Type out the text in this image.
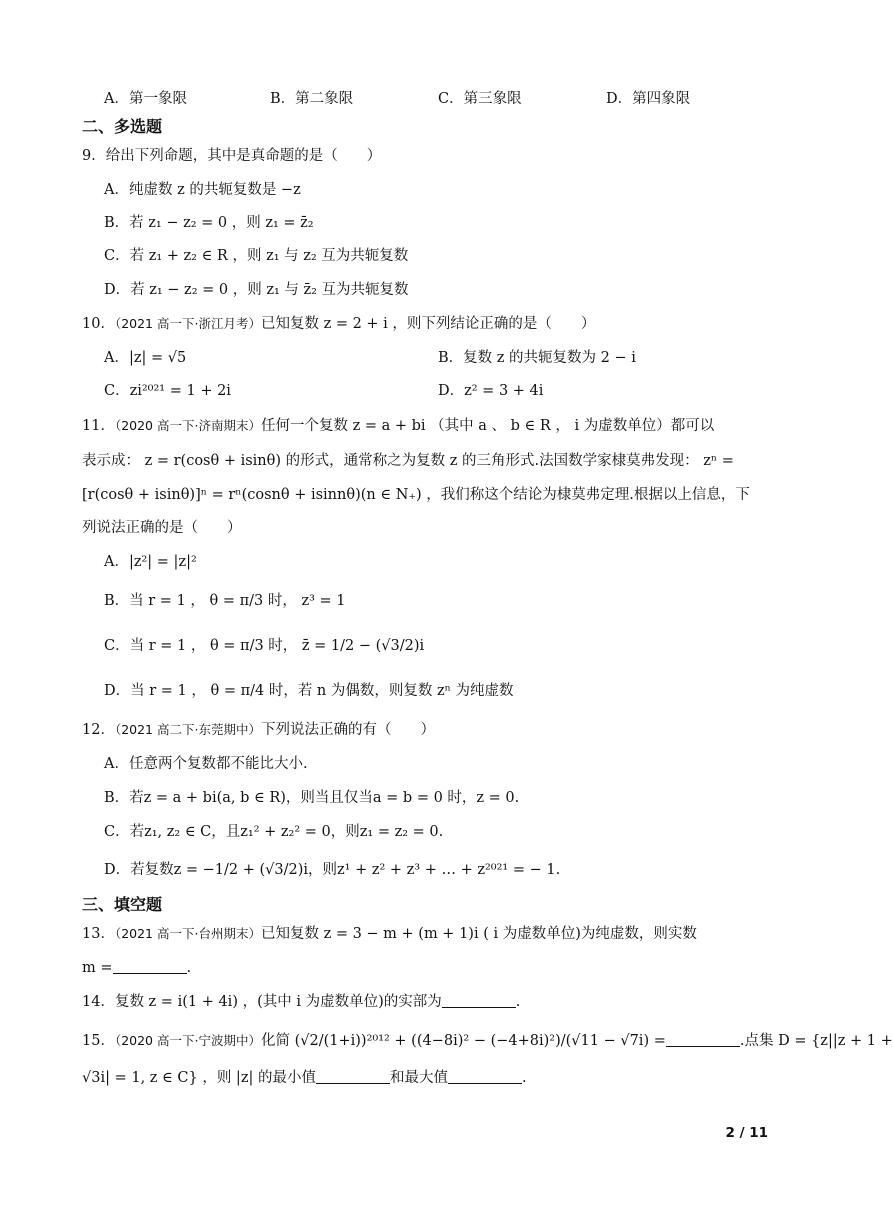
A．第一象限	B．第二象限	C．第三象限	D．第四象限
二、多选题
9．给出下列命题，其中是真命题的是（　　）
A．纯虚数 z 的共轭复数是 −z
B．若 z₁ − z₂ = 0 ，则 z₁ = z̄₂
C．若 z₁ + z₂ ∈ R ，则 z₁ 与 z₂ 互为共轭复数
D．若 z₁ − z₂ = 0 ，则 z₁ 与 z̄₂ 互为共轭复数
10．（2021 高一下·浙江月考）已知复数 z = 2 + i ，则下列结论正确的是（　　）
A．|z| = √5	B．复数 z 的共轭复数为 2 − i
C．zi²⁰²¹ = 1 + 2i	D．z² = 3 + 4i
11．（2020 高一下·济南期末）任何一个复数 z = a + bi （其中 a 、 b ∈ R ， i 为虚数单位）都可以
表示成： z = r(cosθ + isinθ) 的形式，通常称之为复数 z 的三角形式.法国数学家棣莫弗发现： zⁿ =
[r(cosθ + isinθ)]ⁿ = rⁿ(cosnθ + isinnθ)(n ∈ N₊) ，我们称这个结论为棣莫弗定理.根据以上信息，下
列说法正确的是（　　）
A．|z²| = |z|²
B．当 r = 1 ， θ = π/3 时， z³ = 1
C．当 r = 1 ， θ = π/3 时， z̄ = 1/2 − (√3/2)i
D．当 r = 1 ， θ = π/4 时，若 n 为偶数，则复数 zⁿ 为纯虚数
12．（2021 高二下·东莞期中）下列说法正确的有（　　）
A．任意两个复数都不能比大小.
B．若z = a + bi(a, b ∈ R)，则当且仅当a = b = 0 时，z = 0.
C．若z₁, z₂ ∈ C，且z₁² + z₂² = 0，则z₁ = z₂ = 0.
D．若复数z = −1/2 + (√3/2)i，则z¹ + z² + z³ + … + z²⁰²¹ = − 1.
三、填空题
13．（2021 高一下·台州期末）已知复数 z = 3 − m + (m + 1)i ( i 为虚数单位)为纯虚数，则实数
m =	.
14．复数 z = i(1 + 4i) ，(其中 i 为虚数单位)的实部为	.
15．（2020 高一下·宁波期中）化简 (√2/(1+i))²⁰¹² + ((4−8i)² − (−4+8i)²)/(√11 − √7i) =	.点集 D = {z||z + 1 +
√3i| = 1, z ∈ C} ，则 |z| 的最小值	和最大值	.
2 / 11
